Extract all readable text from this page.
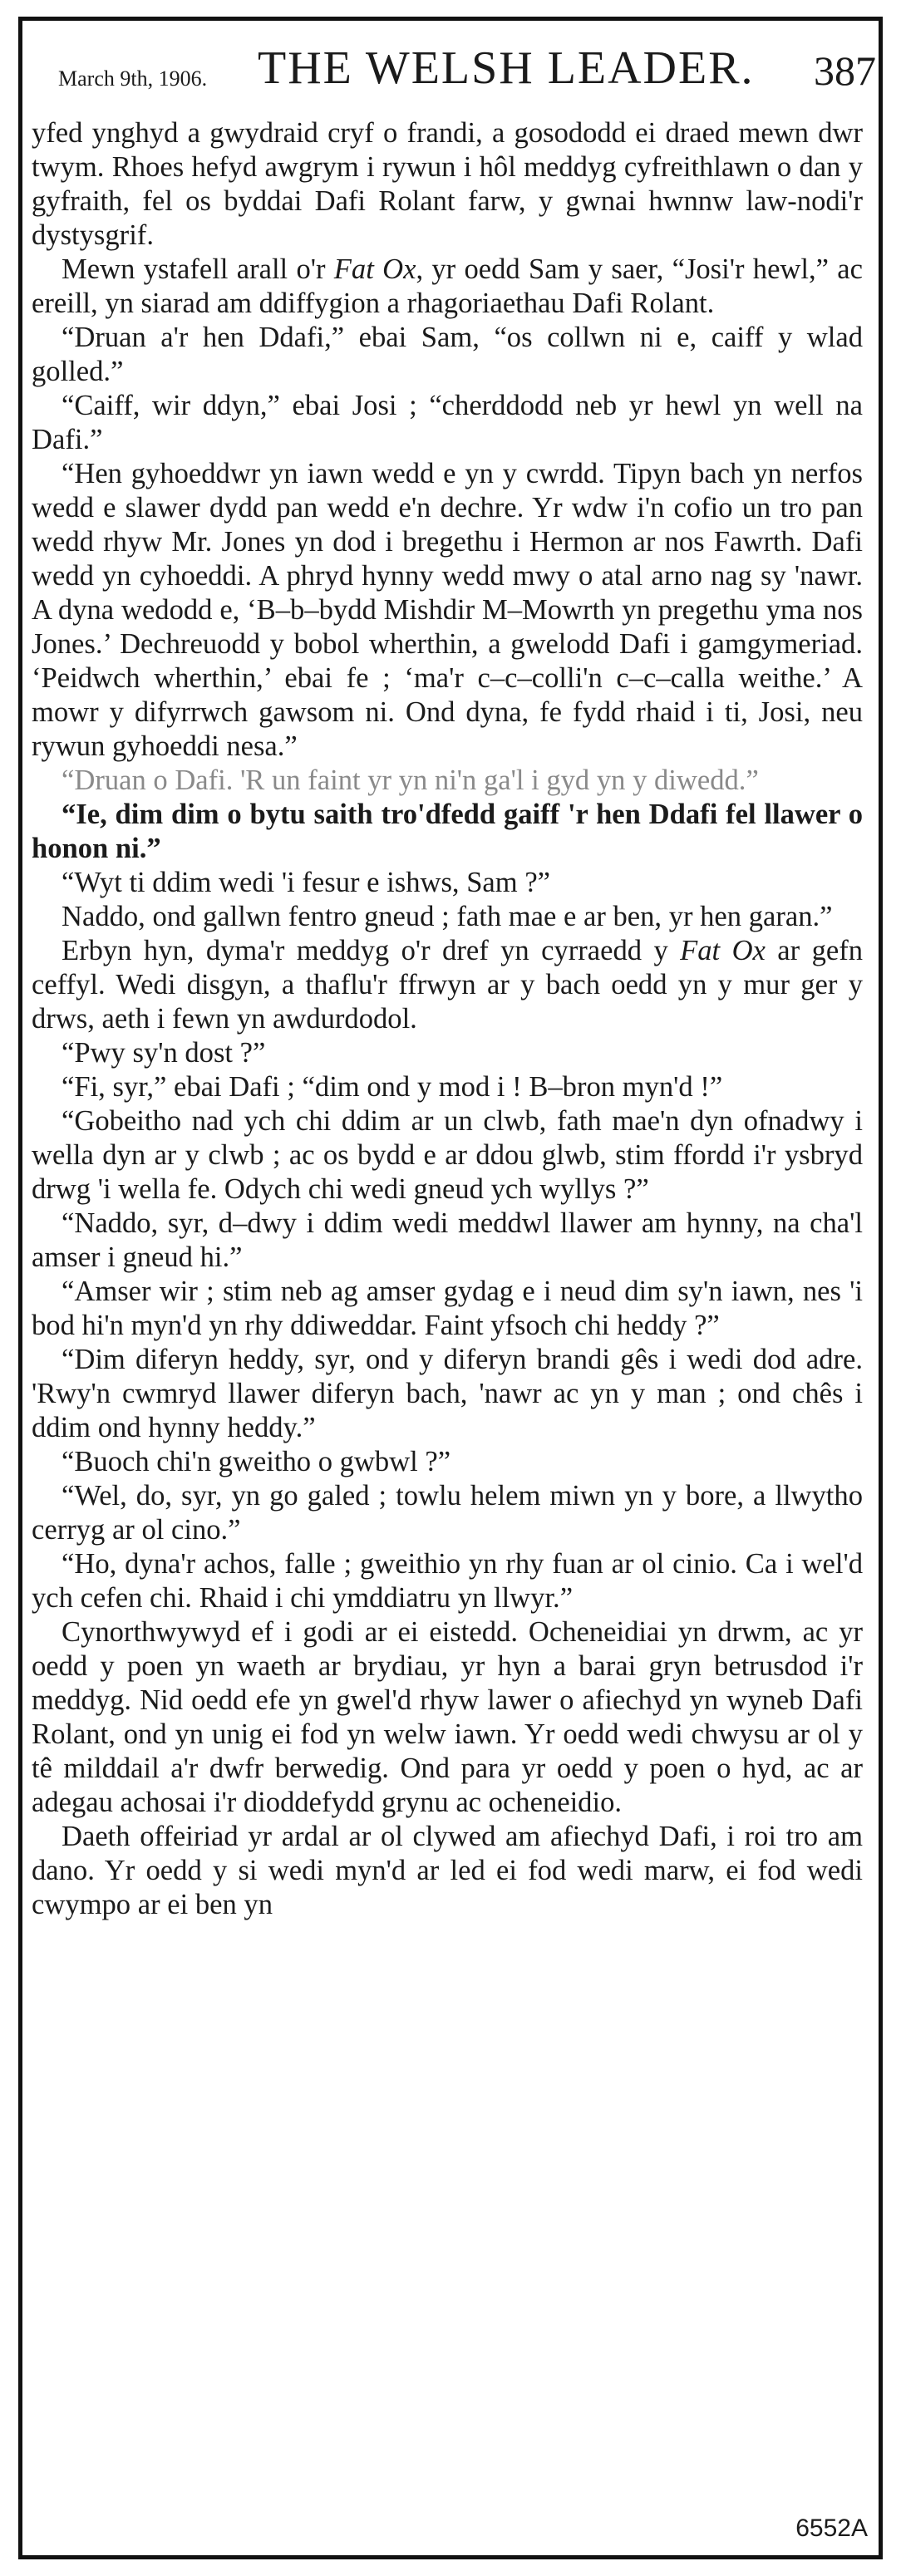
March 9th, 1906. THE WELSH LEADER. 387

yfed ynghyd a gwydraid cryf o frandi, a gosododd ei draed mewn dwr twym. Rhoes hefyd awgrym i rywun i hôl meddyg cyfreithlawn o dan y gyfraith, fel os byddai Dafi Rolant farw, y gwnai hwnnw law-nodi'r dystysgrif.

Mewn ystafell arall o'r Fat Ox, yr oedd Sam y saer, “Josi'r hewl,” ac ereill, yn siarad am ddiffygion a rhagoriaethau Dafi Rolant.

“Druan a'r hen Ddafi,” ebai Sam, “os collwn ni e, caiff y wlad golled.”

“Caiff, wir ddyn,” ebai Josi ; “cherddodd neb yr hewl yn well na Dafi.”

“Hen gyhoeddwr yn iawn wedd e yn y cwrdd. Tipyn bach yn nerfos wedd e slawer dydd pan wedd e'n dechre. Yr wdw i'n cofio un tro pan wedd rhyw Mr. Jones yn dod i bregethu i Hermon ar nos Fawrth. Dafi wedd yn cyhoeddi. A phryd hynny wedd mwy o atal arno nag sy 'nawr. A dyna wedodd e, ‘B–b–bydd Mishdir M–Mowrth yn pregethu yma nos Jones.’ Dechreuodd y bobol wherthin, a gwelodd Dafi i gamgymeriad. ‘Peidwch wherthin,’ ebai fe ; ‘ma'r c–c–colli'n c–c–calla weithe.’ A mowr y difyrrwch gawsom ni. Ond dyna, fe fydd rhaid i ti, Josi, neu rywun gyhoeddi nesa.”

“Druan o Dafi. 'R un faint yr yn ni'n ga'l i gyd yn y diwedd.”

“Ie, dim dim o bytu saith tro'dfedd gaiff 'r hen Ddafi fel llawer o honon ni.”

“Wyt ti ddim wedi 'i fesur e ishws, Sam ?”

Naddo, ond gallwn fentro gneud ; fath mae e ar ben, yr hen garan.”

Erbyn hyn, dyma'r meddyg o'r dref yn cyrraedd y Fat Ox ar gefn ceffyl. Wedi disgyn, a thaflu'r ffrwyn ar y bach oedd yn y mur ger y drws, aeth i fewn yn awdurdodol.

“Pwy sy'n dost ?”

“Fi, syr,” ebai Dafi ; “dim ond y mod i ! B–bron myn'd !”

“Gobeitho nad ych chi ddim ar un clwb, fath mae'n dyn ofnadwy i wella dyn ar y clwb ; ac os bydd e ar ddou glwb, stim ffordd i'r ysbryd drwg 'i wella fe. Odych chi wedi gneud ych wyllys ?”

“Naddo, syr, d–dwy i ddim wedi meddwl llawer am hynny, na cha'l amser i gneud hi.”

“Amser wir ; stim neb ag amser gydag e i neud dim sy'n iawn, nes 'i bod hi'n myn'd yn rhy ddiweddar. Faint yfsoch chi heddy ?”

“Dim diferyn heddy, syr, ond y diferyn brandi gês i wedi dod adre. 'Rwy'n cwmryd llawer diferyn bach, 'nawr ac yn y man ; ond chês i ddim ond hynny heddy.”

“Buoch chi'n gweitho o gwbwl ?”

“Wel, do, syr, yn go galed ; towlu helem miwn yn y bore, a llwytho cerryg ar ol cino.”

“Ho, dyna'r achos, falle ; gweithio yn rhy fuan ar ol cinio. Ca i wel'd ych cefen chi. Rhaid i chi ymddiatru yn llwyr.”

Cynorthwywyd ef i godi ar ei eistedd. Ocheneidiai yn drwm, ac yr oedd y poen yn waeth ar brydiau, yr hyn a barai gryn betrusdod i'r meddyg. Nid oedd efe yn gwel'd rhyw lawer o afiechyd yn wyneb Dafi Rolant, ond yn unig ei fod yn welw iawn. Yr oedd wedi chwysu ar ol y tê milddail a'r dwfr berwedig. Ond para yr oedd y poen o hyd, ac ar adegau achosai i'r dioddefydd grynu ac ocheneidio.

Daeth offeiriad yr ardal ar ol clywed am afiechyd Dafi, i roi tro am dano. Yr oedd y si wedi myn'd ar led ei fod wedi marw, ei fod wedi cwympo ar ei ben yn

6552A
